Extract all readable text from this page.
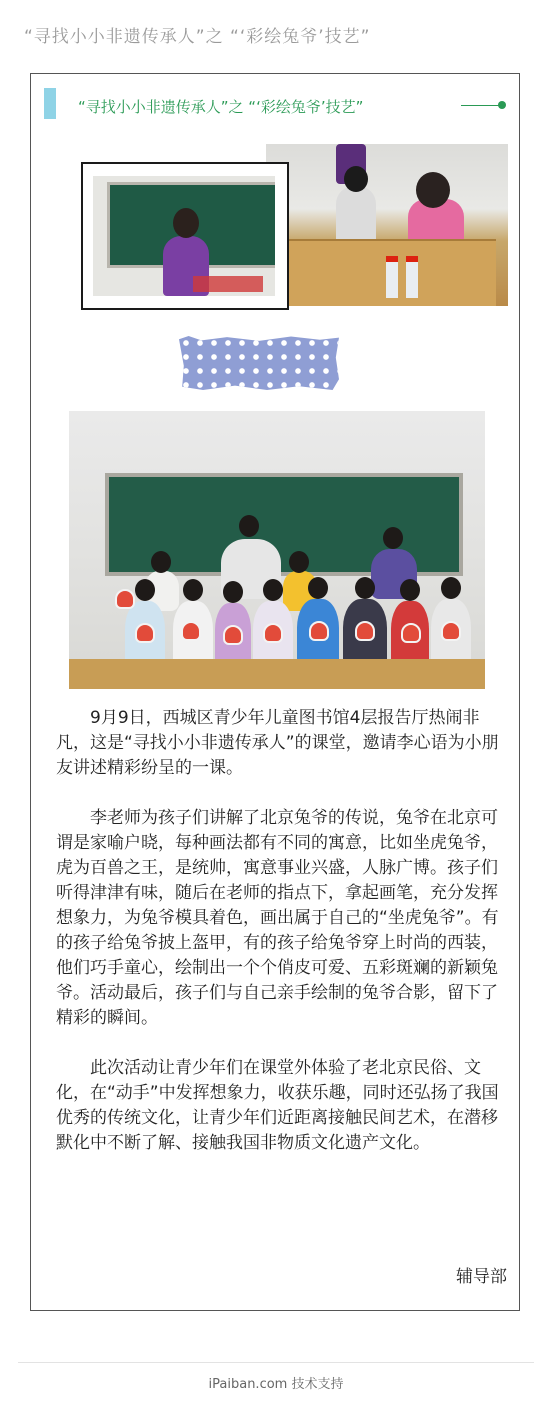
“寻找小小非遗传承人”之 “‘彩绘兔爷’技艺”
“寻找小小非遗传承人”之 “‘彩绘兔爷’技艺”

9月9日，西城区青少年儿童图书馆4层报告厅热闹非凡，这是“寻找小小非遗传承人”的课堂，邀请李心语为小朋友讲述精彩纷呈的一课。

李老师为孩子们讲解了北京兔爷的传说，兔爷在北京可谓是家喻户晓，每种画法都有不同的寓意，比如坐虎兔爷，虎为百兽之王，是统帅，寓意事业兴盛，人脉广博。孩子们听得津津有味，随后在老师的指点下，拿起画笔，充分发挥想象力，为兔爷模具着色，画出属于自己的“坐虎兔爷”。有的孩子给兔爷披上盔甲，有的孩子给兔爷穿上时尚的西装，他们巧手童心，绘制出一个个俏皮可爱、五彩斑斓的新颖兔爷。活动最后，孩子们与自己亲手绘制的兔爷合影，留下了精彩的瞬间。

此次活动让青少年们在课堂外体验了老北京民俗、文化，在“动手”中发挥想象力，收获乐趣，同时还弘扬了我国优秀的传统文化，让青少年们近距离接触民间艺术，在潜移默化中不断了解、接触我国非物质文化遗产文化。

辅导部
iPaiban.com 技术支持
